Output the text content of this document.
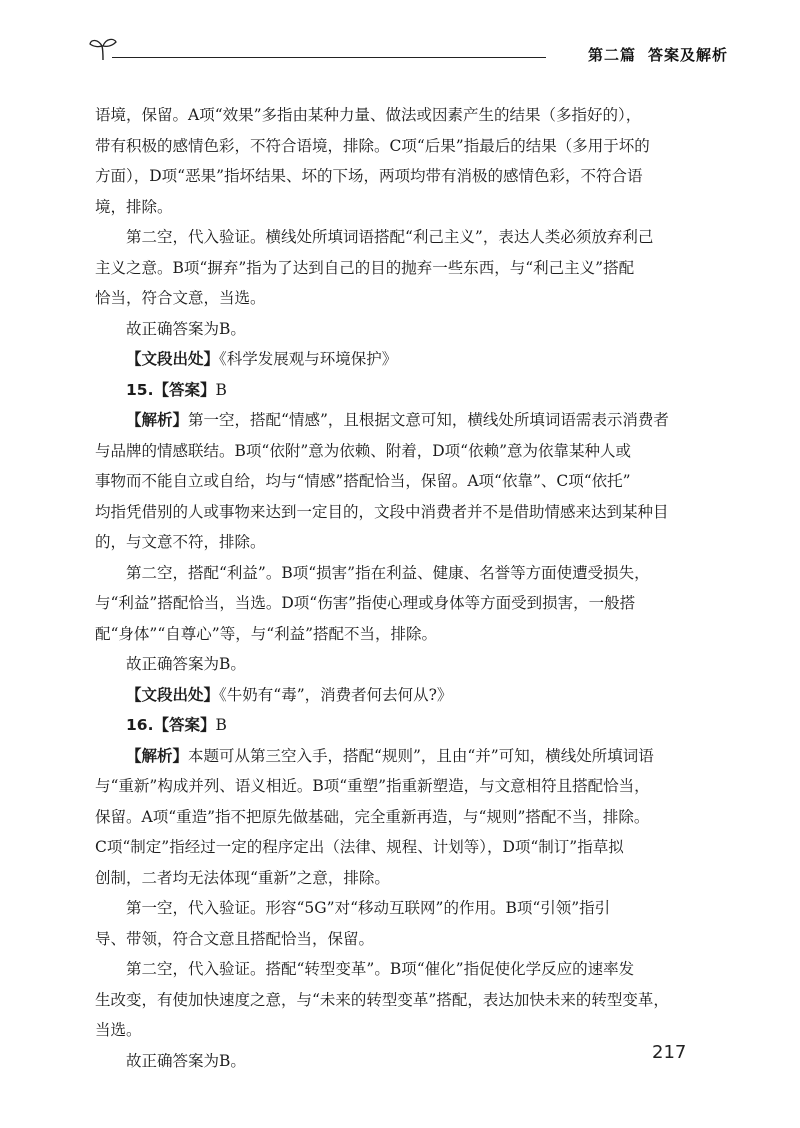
第二篇 答案及解析

语境，保留。A项“效果”多指由某种力量、做法或因素产生的结果（多指好的），
带有积极的感情色彩，不符合语境，排除。C项“后果”指最后的结果（多用于坏的
方面），D项“恶果”指坏结果、坏的下场，两项均带有消极的感情色彩，不符合语
境，排除。

第二空，代入验证。横线处所填词语搭配“利己主义”，表达人类必须放弃利己
主义之意。B项“摒弃”指为了达到自己的目的抛弃一些东西，与“利己主义”搭配
恰当，符合文意，当选。

故正确答案为B。

【文段出处】《科学发展观与环境保护》

15.【答案】B

【解析】第一空，搭配“情感”，且根据文意可知，横线处所填词语需表示消费者
与品牌的情感联结。B项“依附”意为依赖、附着，D项“依赖”意为依靠某种人或
事物而不能自立或自给，均与“情感”搭配恰当，保留。A项“依靠”、C项“依托”
均指凭借别的人或事物来达到一定目的，文段中消费者并不是借助情感来达到某种目
的，与文意不符，排除。

第二空，搭配“利益”。B项“损害”指在利益、健康、名誉等方面使遭受损失，
与“利益”搭配恰当，当选。D项“伤害”指使心理或身体等方面受到损害，一般搭
配“身体”“自尊心”等，与“利益”搭配不当，排除。

故正确答案为B。

【文段出处】《牛奶有“毒”，消费者何去何从?》

16.【答案】B

【解析】本题可从第三空入手，搭配“规则”，且由“并”可知，横线处所填词语
与“重新”构成并列、语义相近。B项“重塑”指重新塑造，与文意相符且搭配恰当，
保留。A项“重造”指不把原先做基础，完全重新再造，与“规则”搭配不当，排除。
C项“制定”指经过一定的程序定出（法律、规程、计划等），D项“制订”指草拟
创制，二者均无法体现“重新”之意，排除。

第一空，代入验证。形容“5G”对“移动互联网”的作用。B项“引领”指引
导、带领，符合文意且搭配恰当，保留。

第二空，代入验证。搭配“转型变革”。B项“催化”指促使化学反应的速率发
生改变，有使加快速度之意，与“未来的转型变革”搭配，表达加快未来的转型变革，
当选。

故正确答案为B。	217
